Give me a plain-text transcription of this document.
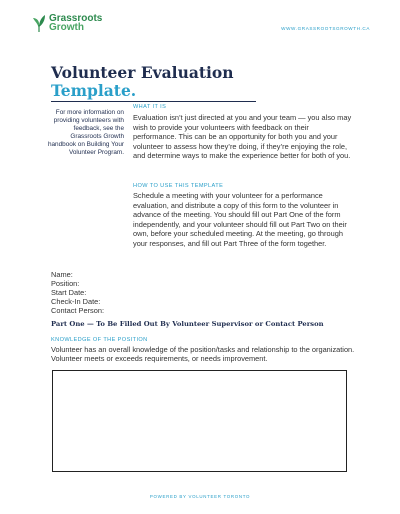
Grassroots
Growth	WWW.GRASSROOTSGROWTH.CA
Volunteer Evaluation
Template.
For more information on providing volunteers with feedback, see the Grassroots Growth handbook on Building Your Volunteer Program.
WHAT IT IS
Evaluation isn’t just directed at you and your team — you also may wish to provide your volunteers with feedback on their performance. This can be an opportunity for both you and your volunteer to assess how they’re doing, if they’re enjoying the role, and determine ways to make the experience better for both of you.
HOW TO USE THIS TEMPLATE
Schedule a meeting with your volunteer for a performance evaluation, and distribute a copy of this form to the volunteer in advance of the meeting. You should fill out Part One of the form independently, and your volunteer should fill out Part Two on their own, before your scheduled meeting. At the meeting, go through your responses, and fill out Part Three of the form together.
Name:
Position:
Start Date:
Check-In Date:
Contact Person:
Part One — To Be Filled Out By Volunteer Supervisor or Contact Person
KNOWLEDGE OF THE POSITION
Volunteer has an overall knowledge of the position/tasks and relationship to the organization. Volunteer meets or exceeds requirements, or needs improvement.
POWERED BY VOLUNTEER TORONTO
